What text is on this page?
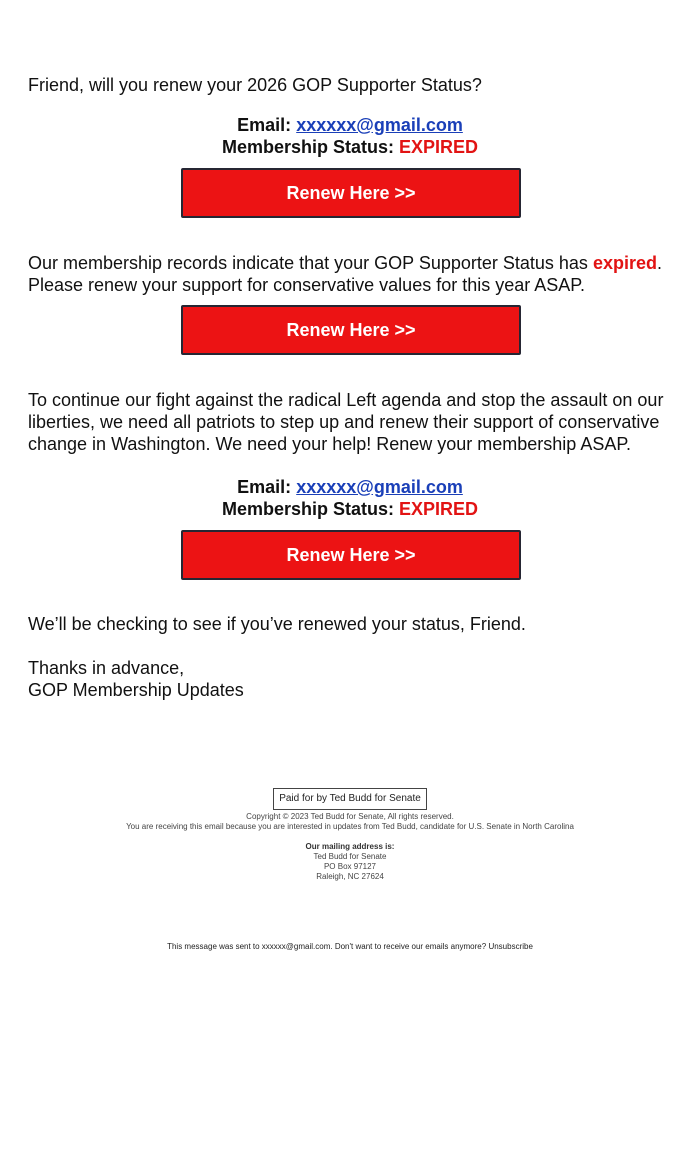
Friend, will you renew your 2026 GOP Supporter Status?

Email: xxxxxx@gmail.com
Membership Status: EXPIRED
Renew Here >>

Our membership records indicate that your GOP Supporter Status has expired. Please renew your support for conservative values for this year ASAP.

Renew Here >>

To continue our fight against the radical Left agenda and stop the assault on our liberties, we need all patriots to step up and renew their support of conservative change in Washington. We need your help! Renew your membership ASAP.

Email: xxxxxx@gmail.com
Membership Status: EXPIRED
Renew Here >>

We’ll be checking to see if you’ve renewed your status, Friend.

Thanks in advance,
GOP Membership Updates
Paid for by Ted Budd for Senate
Copyright © 2023 Ted Budd for Senate, All rights reserved.
You are receiving this email because you are interested in updates from Ted Budd, candidate for U.S. Senate in North Carolina
Our mailing address is:
Ted Budd for Senate
PO Box 97127
Raleigh, NC 27624
This message was sent to xxxxxx@gmail.com. Don't want to receive our emails anymore? Unsubscribe
